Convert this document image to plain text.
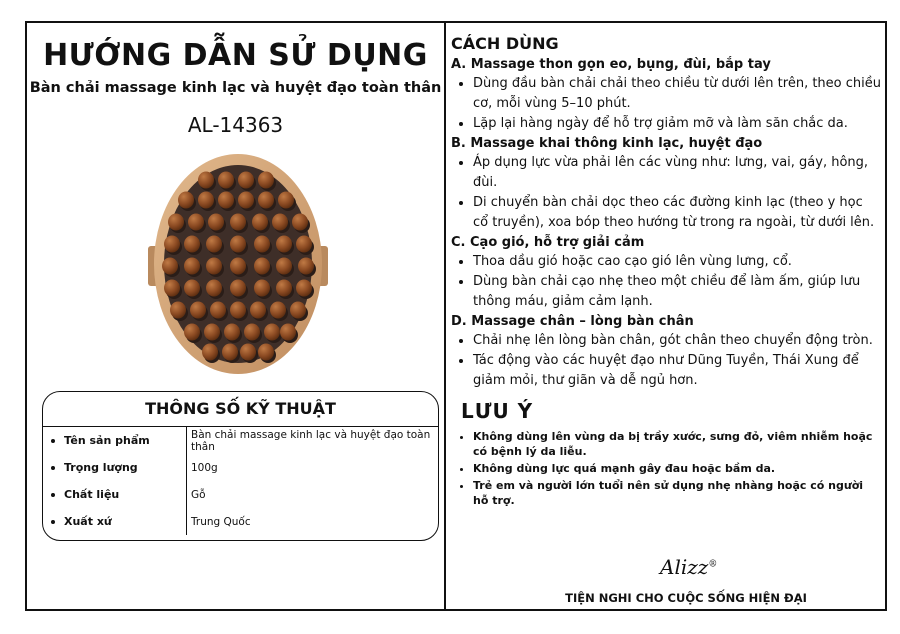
HƯỚNG DẪN SỬ DỤNG
Bàn chải massage kinh lạc và huyệt đạo toàn thân
AL-14363
THÔNG SỐ KỸ THUẬT
Tên sản phẩm	Bàn chải massage kinh lạc và huyệt đạo toàn thân
Trọng lượng	100g
Chất liệu	Gỗ
Xuất xứ	Trung Quốc
CÁCH DÙNG
A. Massage thon gọn eo, bụng, đùi, bắp tay
• Dùng đầu bàn chải chải theo chiều từ dưới lên trên, theo chiều cơ, mỗi vùng 5–10 phút.
• Lặp lại hàng ngày để hỗ trợ giảm mỡ và làm săn chắc da.
B. Massage khai thông kinh lạc, huyệt đạo
• Áp dụng lực vừa phải lên các vùng như: lưng, vai, gáy, hông, đùi.
• Di chuyển bàn chải dọc theo các đường kinh lạc (theo y học cổ truyền), xoa bóp theo hướng từ trong ra ngoài, từ dưới lên.
C. Cạo gió, hỗ trợ giải cảm
• Thoa dầu gió hoặc cao cạo gió lên vùng lưng, cổ.
• Dùng bàn chải cạo nhẹ theo một chiều để làm ấm, giúp lưu thông máu, giảm cảm lạnh.
D. Massage chân – lòng bàn chân
• Chải nhẹ lên lòng bàn chân, gót chân theo chuyển động tròn.
• Tác động vào các huyệt đạo như Dũng Tuyền, Thái Xung để giảm mỏi, thư giãn và dễ ngủ hơn.
LƯU Ý
• Không dùng lên vùng da bị trầy xước, sưng đỏ, viêm nhiễm hoặc có bệnh lý da liễu.
• Không dùng lực quá mạnh gây đau hoặc bầm da.
• Trẻ em và người lớn tuổi nên sử dụng nhẹ nhàng hoặc có người hỗ trợ.
Alizz®
TIỆN NGHI CHO CUỘC SỐNG HIỆN ĐẠI
